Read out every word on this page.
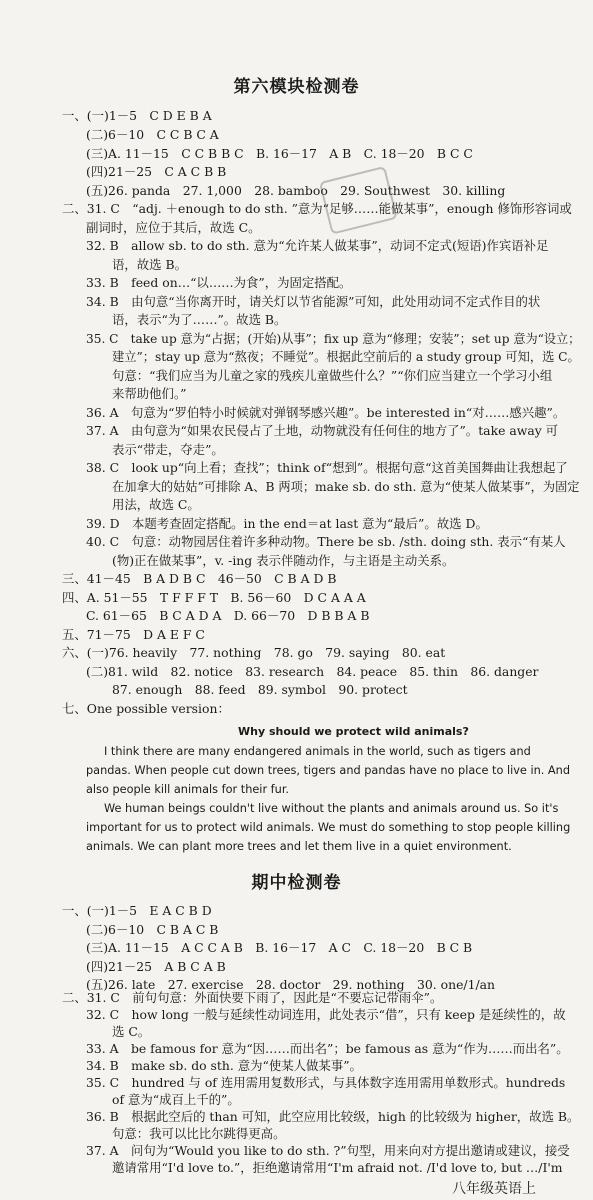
第六模块检测卷
一、(一)1－5　C D E B A
(二)6－10　C C B C A
(三)A. 11－15　C C B B C　B. 16－17　A B　C. 18－20　B C C
(四)21－25　C A C B B
(五)26. panda　27. 1,000　28. bamboo　29. Southwest　30. killing
二、31. C　“adj. ＋enough to do sth. ”意为“足够……能做某事”，enough 修饰形容词或
副词时，应位于其后，故选 C。
32. B　allow sb. to do sth. 意为“允许某人做某事”，动词不定式(短语)作宾语补足
语，故选 B。
33. B　feed on…“以……为食”，为固定搭配。
34. B　由句意“当你离开时，请关灯以节省能源”可知，此处用动词不定式作目的状
语，表示“为了……”。故选 B。
35. C　take up 意为“占据；(开始)从事”；fix up 意为“修理；安装”；set up 意为“设立；
建立”；stay up 意为“熬夜；不睡觉”。根据此空前后的 a study group 可知，选 C。
句意：“我们应当为儿童之家的残疾儿童做些什么？”“你们应当建立一个学习小组
来帮助他们。”
36. A　句意为“罗伯特小时候就对弹钢琴感兴趣”。be interested in“对……感兴趣”。
37. A　由句意为“如果农民侵占了土地，动物就没有任何住的地方了”。take away 可
表示“带走，夺走”。
38. C　look up“向上看；查找”；think of“想到”。根据句意“这首美国舞曲让我想起了
在加拿大的姑姑”可排除 A、B 两项；make sb. do sth. 意为“使某人做某事”，为固定
用法，故选 C。
39. D　本题考查固定搭配。in the end＝at last 意为“最后”。故选 D。
40. C　句意：动物园居住着许多种动物。There be sb. /sth. doing sth. 表示“有某人
(物)正在做某事”，v. -ing 表示伴随动作，与主语是主动关系。
三、41－45　B A D B C　46－50　C B A D B
四、A. 51－55　T F F F T　B. 56－60　D C A A A
C. 61－65　B C A D A　D. 66－70　D B B A B
五、71－75　D A E F C
六、(一)76. heavily　77. nothing　78. go　79. saying　80. eat
(二)81. wild　82. notice　83. research　84. peace　85. thin　86. danger
87. enough　88. feed　89. symbol　90. protect
七、One possible version：
Why should we protect wild animals?
I think there are many endangered animals in the world, such as tigers and
pandas. When people cut down trees, tigers and pandas have no place to live in. And
also people kill animals for their fur.
We human beings couldn't live without the plants and animals around us. So it's
important for us to protect wild animals. We must do something to stop people killing
animals. We can plant more trees and let them live in a quiet environment.
期中检测卷
一、(一)1－5　E A C B D
(二)6－10　C B A C B
(三)A. 11－15　A C C A B　B. 16－17　A C　C. 18－20　B C B
(四)21－25　A B C A B
(五)26. late　27. exercise　28. doctor　29. nothing　30. one/1/an
二、31. C　前句句意：外面快要下雨了，因此是“不要忘记带雨伞”。
32. C　how long 一般与延续性动词连用，此处表示“借”，只有 keep 是延续性的，故
选 C。
33. A　be famous for 意为“因……而出名”；be famous as 意为“作为……而出名”。
34. B　make sb. do sth. 意为“使某人做某事”。
35. C　hundred 与 of 连用需用复数形式，与具体数字连用需用单数形式。hundreds
of 意为“成百上千的”。
36. B　根据此空后的 than 可知，此空应用比较级，high 的比较级为 higher，故选 B。
句意：我可以比比尔跳得更高。
37. A　问句为“Would you like to do sth. ?”句型，用来向对方提出邀请或建议，接受
邀请常用“I'd love to.”，拒绝邀请常用“I'm afraid not. /I'd love to, but …/I'm
八年级英语上
